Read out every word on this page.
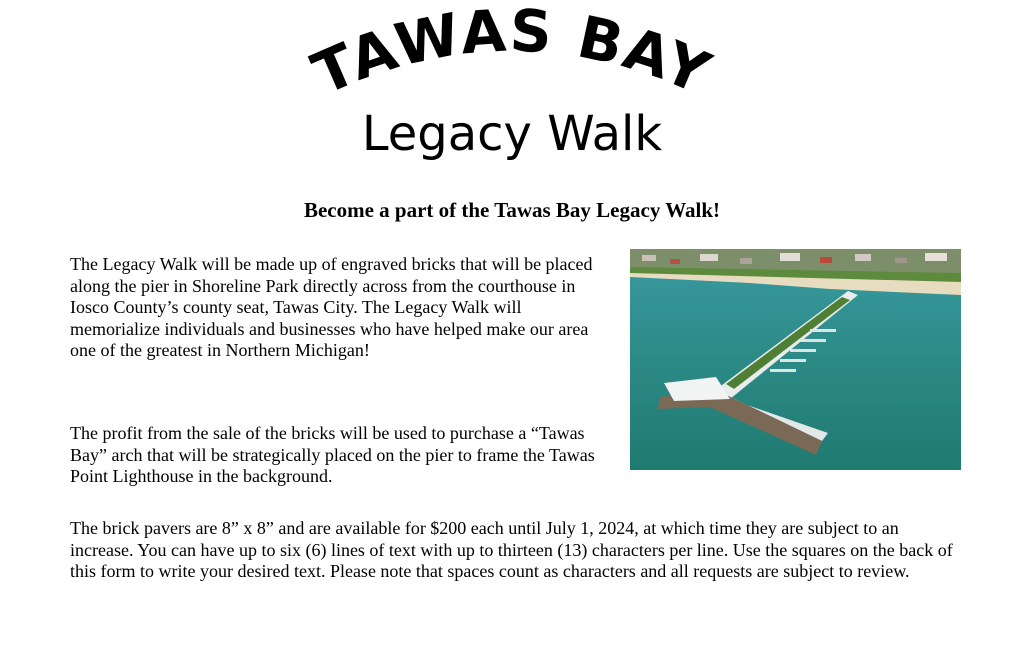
TAWAS BAY
Legacy Walk
Become a part of the Tawas Bay Legacy Walk!

The Legacy Walk will be made up of engraved bricks that will be placed along the pier in Shoreline Park directly across from the courthouse in Iosco County’s county seat, Tawas City. The Legacy Walk will memorialize individuals and businesses who have helped make our area one of the greatest in Northern Michigan!

The profit from the sale of the bricks will be used to purchase a “Tawas Bay” arch that will be strategically placed on the pier to frame the Tawas Point Lighthouse in the background.

The brick pavers are 8” x 8” and are available for $200 each until July 1, 2024, at which time they are subject to an increase. You can have up to six (6) lines of text with up to thirteen (13) characters per line. Use the squares on the back of this form to write your desired text. Please note that spaces count as characters and all requests are subject to review.
